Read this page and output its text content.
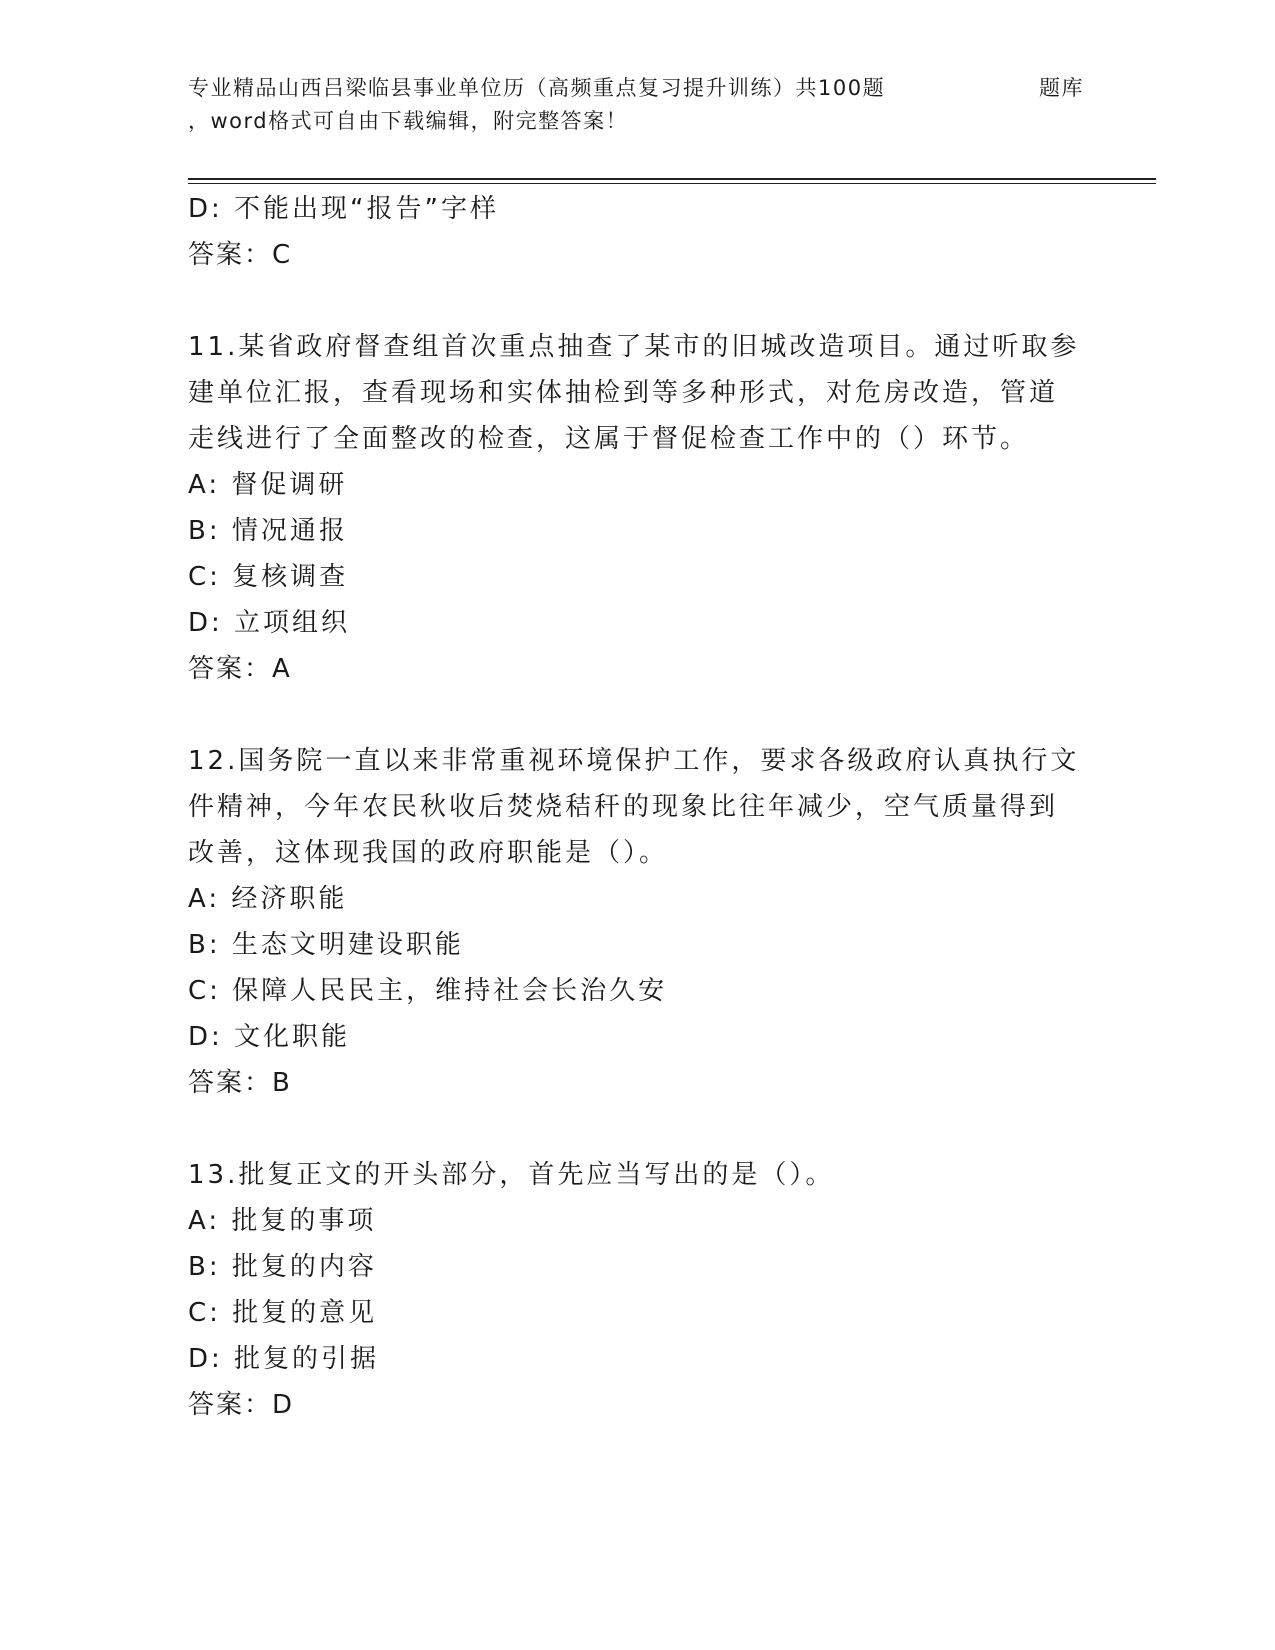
专业精品山西吕梁临县事业单位历（高频重点复习提升训练）共100题	题库
，word格式可自由下载编辑，附完整答案！
D: 不能出现“报告”字样
答案：C
11.某省政府督查组首次重点抽查了某市的旧城改造项目。通过听取参
建单位汇报，查看现场和实体抽检到等多种形式，对危房改造，管道
走线进行了全面整改的检查，这属于督促检查工作中的（）环节。
A: 督促调研
B: 情况通报
C: 复核调查
D: 立项组织
答案：A
12.国务院一直以来非常重视环境保护工作，要求各级政府认真执行文
件精神，今年农民秋收后焚烧秸秆的现象比往年减少，空气质量得到
改善，这体现我国的政府职能是（）。
A: 经济职能
B: 生态文明建设职能
C: 保障人民民主，维持社会长治久安
D: 文化职能
答案：B
13.批复正文的开头部分，首先应当写出的是（）。
A: 批复的事项
B: 批复的内容
C: 批复的意见
D: 批复的引据
答案：D
